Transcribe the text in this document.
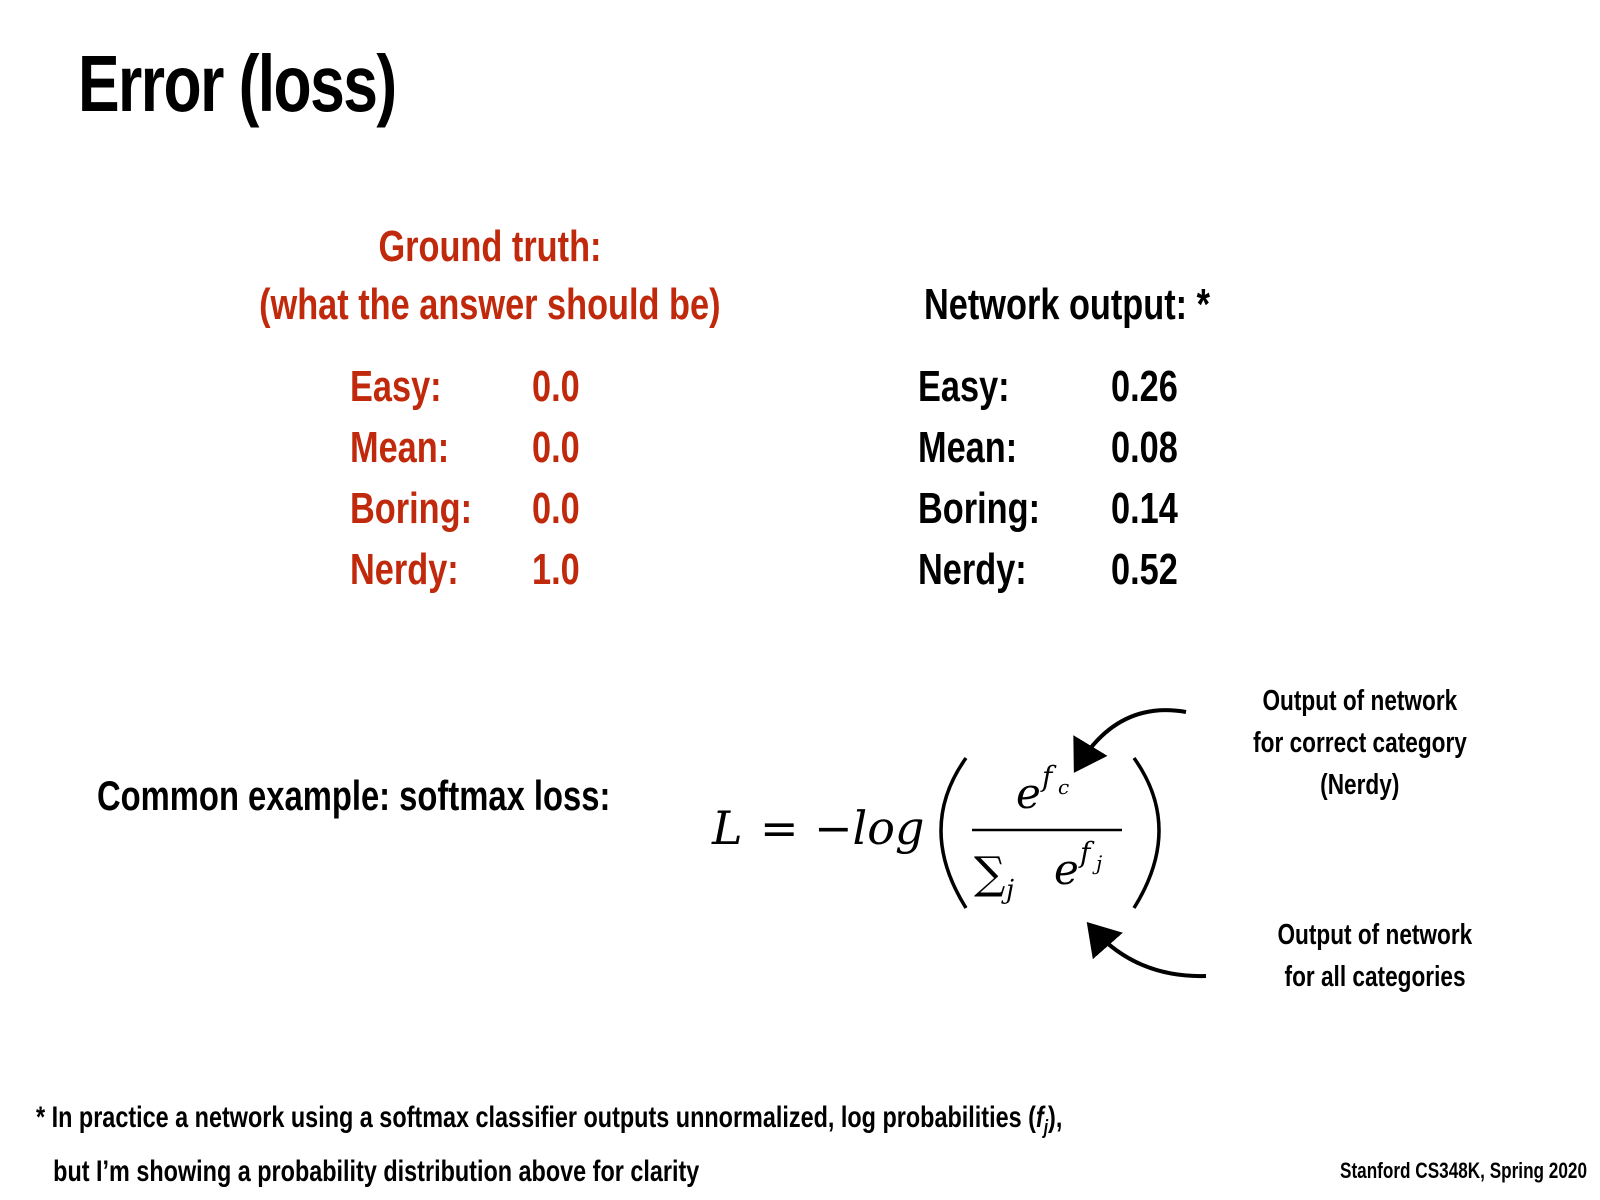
Error (loss)
Ground truth:
(what the answer should be)	Network output: *
Easy: 0.0
Mean: 0.0
Boring: 0.0
Nerdy: 1.0
Easy: 0.26
Mean: 0.08
Boring: 0.14
Nerdy: 0.52
Common example: softmax loss:
L = −log
e f c
∑ j e f j
Output of network
for correct category
(Nerdy)
Output of network
for all categories
* In practice a network using a softmax classifier outputs unnormalized, log probabilities $(f_j)$,
but I’m showing a probability distribution above for clarity	Stanford CS348K, Spring 2020
